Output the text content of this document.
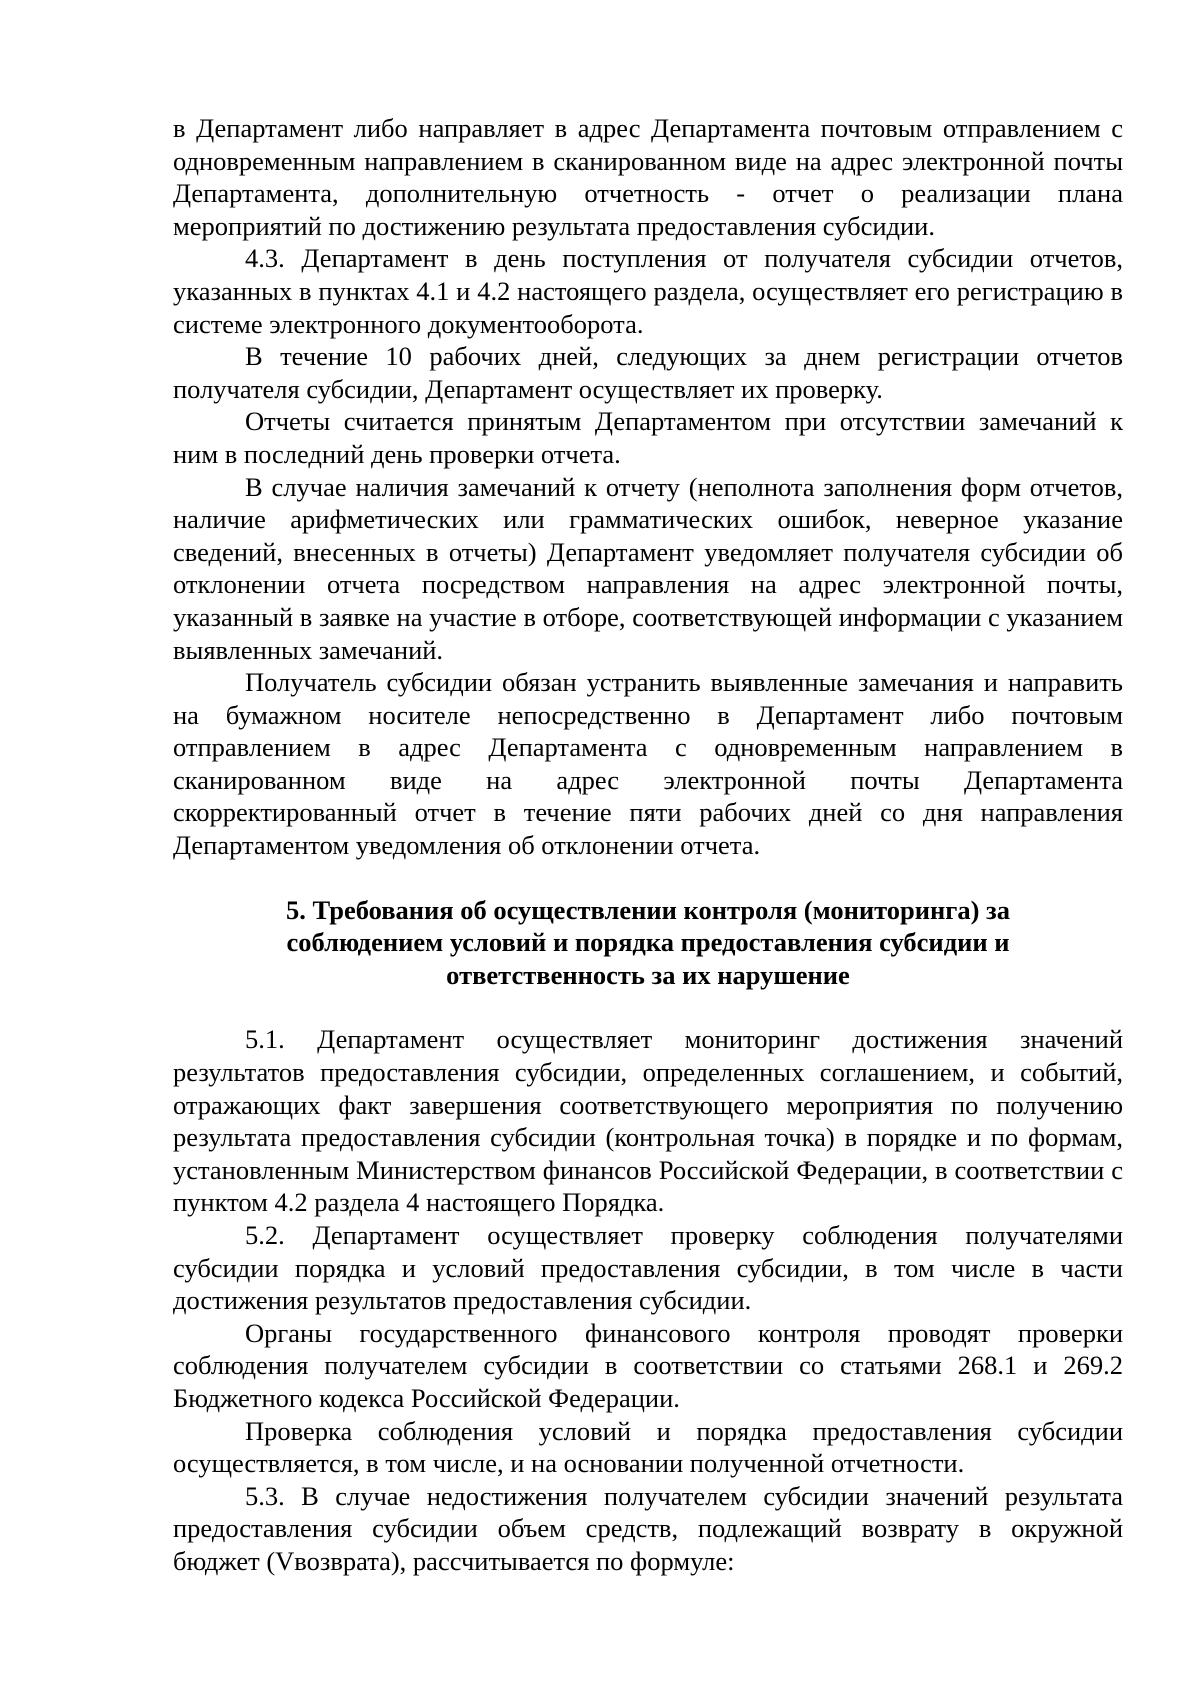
в Департамент либо направляет в адрес Департамента почтовым отправлением с одновременным направлением в сканированном виде на адрес электронной почты Департамента, дополнительную отчетность - отчет о реализации плана мероприятий по достижению результата предоставления субсидии.

4.3. Департамент в день поступления от получателя субсидии отчетов, указанных в пунктах 4.1 и 4.2 настоящего раздела, осуществляет его регистрацию в системе электронного документооборота.

В течение 10 рабочих дней, следующих за днем регистрации отчетов получателя субсидии, Департамент осуществляет их проверку.

Отчеты считается принятым Департаментом при отсутствии замечаний к ним в последний день проверки отчета.

В случае наличия замечаний к отчету (неполнота заполнения форм отчетов, наличие арифметических или грамматических ошибок, неверное указание сведений, внесенных в отчеты) Департамент уведомляет получателя субсидии об отклонении отчета посредством направления на адрес электронной почты, указанный в заявке на участие в отборе, соответствующей информации с указанием выявленных замечаний.

Получатель субсидии обязан устранить выявленные замечания и направить на бумажном носителе непосредственно в Департамент либо почтовым отправлением в адрес Департамента с одновременным направлением в сканированном виде на адрес электронной почты Департамента скорректированный отчет в течение пяти рабочих дней со дня направления Департаментом уведомления об отклонении отчета.

5. Требования об осуществлении контроля (мониторинга) за

соблюдением условий и порядка предоставления субсидии и

ответственность за их нарушение

5.1. Департамент осуществляет мониторинг достижения значений результатов предоставления субсидии, определенных соглашением, и событий, отражающих факт завершения соответствующего мероприятия по получению результата предоставления субсидии (контрольная точка) в порядке и по формам, установленным Министерством финансов Российской Федерации, в соответствии с пунктом 4.2 раздела 4 настоящего Порядка.

5.2. Департамент осуществляет проверку соблюдения получателями субсидии порядка и условий предоставления субсидии, в том числе в части достижения результатов предоставления субсидии.

Органы государственного финансового контроля проводят проверки соблюдения получателем субсидии в соответствии со статьями 268.1 и 269.2 Бюджетного кодекса Российской Федерации.

Проверка соблюдения условий и порядка предоставления субсидии осуществляется, в том числе, и на основании полученной отчетности.

5.3. В случае недостижения получателем субсидии значений результата предоставления субсидии объем средств, подлежащий возврату в окружной бюджет (Vвозврата), рассчитывается по формуле:
